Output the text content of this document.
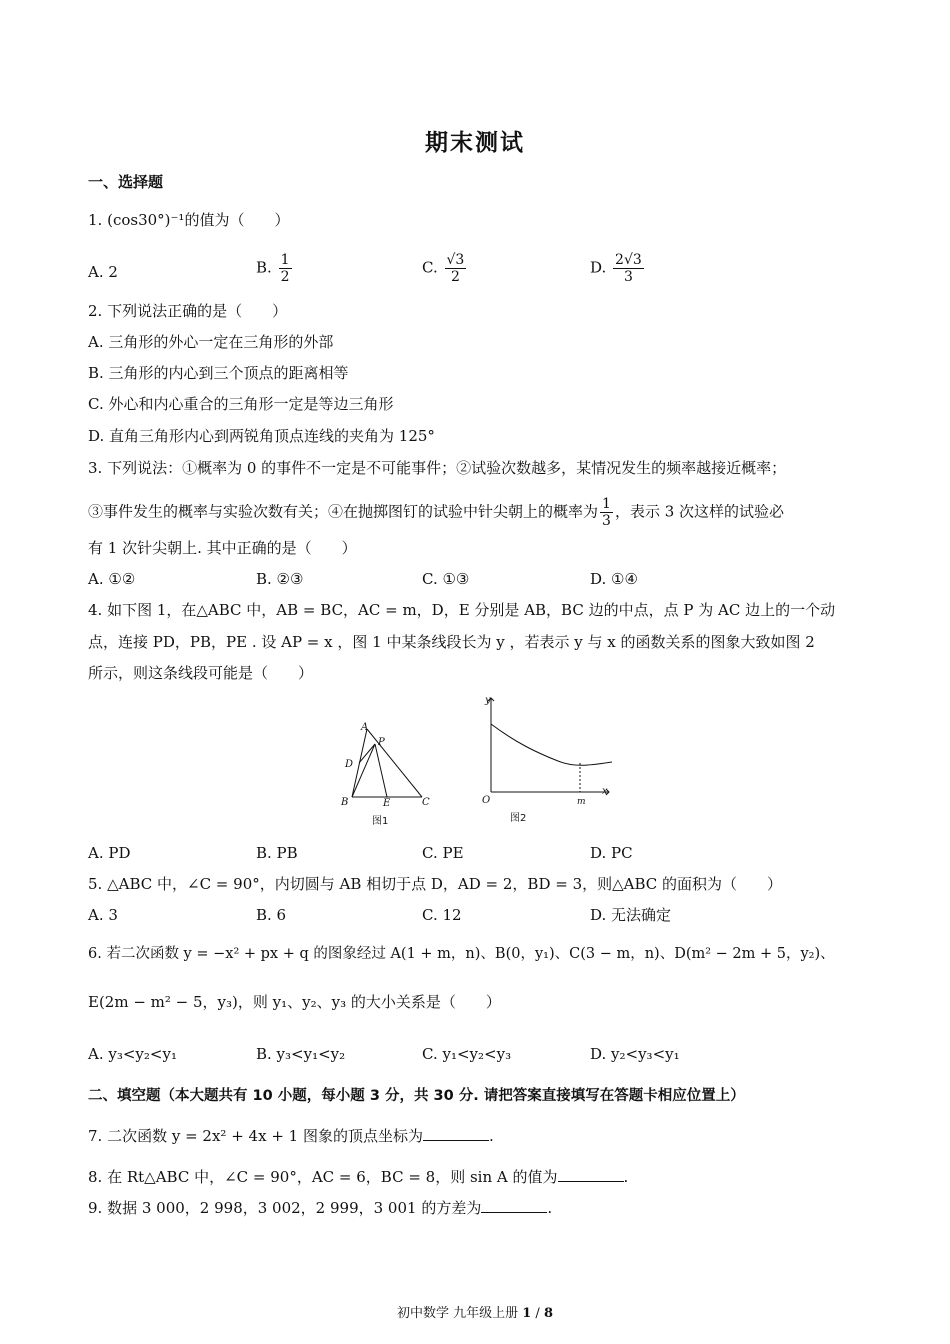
期末测试
一、选择题
1. (cos30°)⁻¹的值为（　　）
A. 2	B. $\frac{1}{2}$	C. $\frac{√3}{2}$	D. $\frac{2√3}{3}$
2. 下列说法正确的是（　　）
A. 三角形的外心一定在三角形的外部
B. 三角形的内心到三个顶点的距离相等
C. 外心和内心重合的三角形一定是等边三角形
D. 直角三角形内心到两锐角顶点连线的夹角为 125°
3. 下列说法：①概率为 0 的事件不一定是不可能事件；②试验次数越多，某情况发生的频率越接近概率；
③事件发生的概率与实验次数有关；④在抛掷图钉的试验中针尖朝上的概率为 $\frac{1}{3}$ ，表示 3 次这样的试验必
有 1 次针尖朝上. 其中正确的是（　　）
A. ①②	B. ②③	C. ①③	D. ①④
4. 如下图 1，在△ABC 中，AB = BC，AC = m，D，E 分别是 AB，BC 边的中点，点 P 为 AC 边上的一个动
点，连接 PD，PB，PE . 设 AP = x ，图 1 中某条线段长为 y ，若表示 y 与 x 的函数关系的图象大致如图 2
所示，则这条线段可能是（　　）
A
P
D
B	E	C
图1
y
x
O	m
图2
A. PD	B. PB	C. PE	D. PC
5. △ABC 中，∠C = 90°，内切圆与 AB 相切于点 D，AD = 2，BD = 3，则△ABC 的面积为（　　）
A. 3	B. 6	C. 12	D. 无法确定
6. 若二次函数 y = −x² + px + q 的图象经过 A(1 + m，n)、B(0，y₁)、C(3 − m，n)、D(m² − 2m + 5，y₂)、
E(2m − m² − 5，y₃)，则 y₁、y₂、y₃ 的大小关系是（　　）
A. y₃<y₂<y₁	B. y₃<y₁<y₂	C. y₁<y₂<y₃	D. y₂<y₃<y₁
二、填空题（本大题共有 10 小题，每小题 3 分，共 30 分. 请把答案直接填写在答题卡相应位置上）
7. 二次函数 y = 2x² + 4x + 1 图象的顶点坐标为	.
8. 在 Rt△ABC 中，∠C = 90°，AC = 6，BC = 8，则 sin A 的值为	.
9. 数据 3 000，2 998，3 002，2 999，3 001 的方差为	.
初中数学 九年级上册 1 / 8
